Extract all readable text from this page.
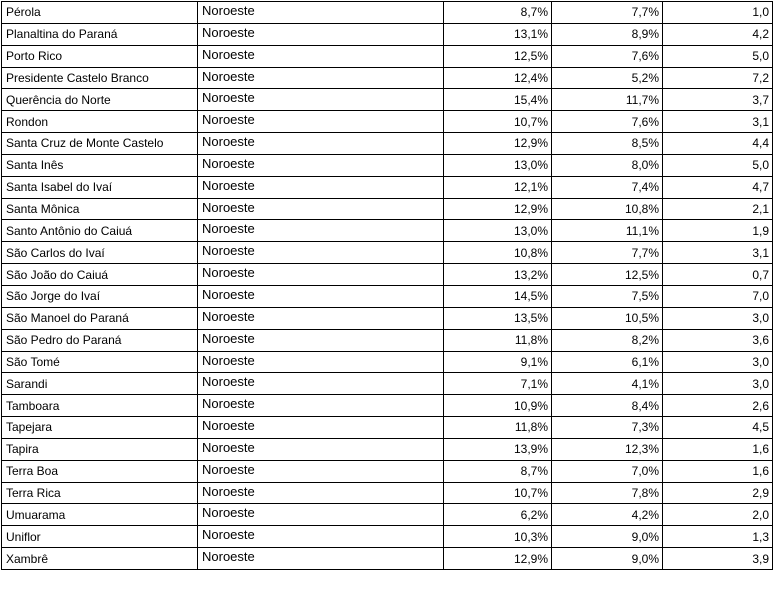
Pérola	Noroeste	8,7%	7,7%	1,0
Planaltina do Paraná	Noroeste	13,1%	8,9%	4,2
Porto Rico	Noroeste	12,5%	7,6%	5,0
Presidente Castelo Branco	Noroeste	12,4%	5,2%	7,2
Querência do Norte	Noroeste	15,4%	11,7%	3,7
Rondon	Noroeste	10,7%	7,6%	3,1
Santa Cruz de Monte Castelo	Noroeste	12,9%	8,5%	4,4
Santa Inês	Noroeste	13,0%	8,0%	5,0
Santa Isabel do Ivaí	Noroeste	12,1%	7,4%	4,7
Santa Mônica	Noroeste	12,9%	10,8%	2,1
Santo Antônio do Caiuá	Noroeste	13,0%	11,1%	1,9
São Carlos do Ivaí	Noroeste	10,8%	7,7%	3,1
São João do Caiuá	Noroeste	13,2%	12,5%	0,7
São Jorge do Ivaí	Noroeste	14,5%	7,5%	7,0
São Manoel do Paraná	Noroeste	13,5%	10,5%	3,0
São Pedro do Paraná	Noroeste	11,8%	8,2%	3,6
São Tomé	Noroeste	9,1%	6,1%	3,0
Sarandi	Noroeste	7,1%	4,1%	3,0
Tamboara	Noroeste	10,9%	8,4%	2,6
Tapejara	Noroeste	11,8%	7,3%	4,5
Tapira	Noroeste	13,9%	12,3%	1,6
Terra Boa	Noroeste	8,7%	7,0%	1,6
Terra Rica	Noroeste	10,7%	7,8%	2,9
Umuarama	Noroeste	6,2%	4,2%	2,0
Uniflor	Noroeste	10,3%	9,0%	1,3
Xambrê	Noroeste	12,9%	9,0%	3,9
